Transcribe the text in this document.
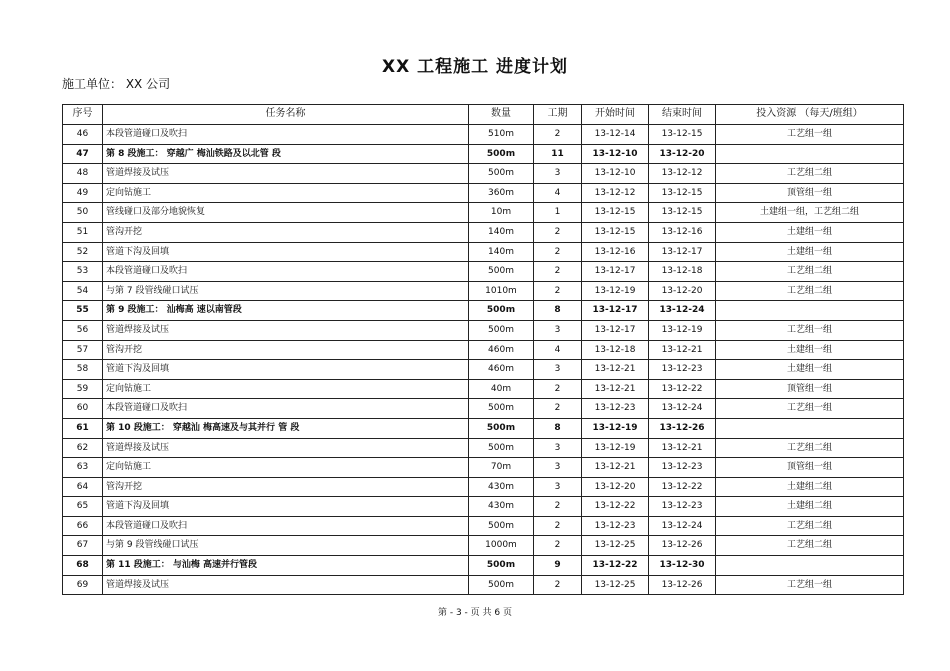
XX 工程施工 进度计划
施工单位： XX 公司
序号	任务名称	数量	工期	开始时间	结束时间	投入资源 （每天/班组）
46	本段管道碰口及吹扫	510m	2	13-12-14	13-12-15	工艺组一组
47	第 8 段施工： 穿越广 梅汕铁路及以北管 段	500m	11	13-12-10	13-12-20	
48	管道焊接及试压	500m	3	13-12-10	13-12-12	工艺组二组
49	定向钻施工	360m	4	13-12-12	13-12-15	顶管组一组
50	管线碰口及部分地貌恢复	10m	1	13-12-15	13-12-15	土建组一组，工艺组二组
51	管沟开挖	140m	2	13-12-15	13-12-16	土建组一组
52	管道下沟及回填	140m	2	13-12-16	13-12-17	土建组一组
53	本段管道碰口及吹扫	500m	2	13-12-17	13-12-18	工艺组二组
54	与第 7 段管线碰口试压	1010m	2	13-12-19	13-12-20	工艺组二组
55	第 9 段施工： 汕梅高 速以南管段	500m	8	13-12-17	13-12-24	
56	管道焊接及试压	500m	3	13-12-17	13-12-19	工艺组一组
57	管沟开挖	460m	4	13-12-18	13-12-21	土建组一组
58	管道下沟及回填	460m	3	13-12-21	13-12-23	土建组一组
59	定向钻施工	40m	2	13-12-21	13-12-22	顶管组一组
60	本段管道碰口及吹扫	500m	2	13-12-23	13-12-24	工艺组一组
61	第 10 段施工： 穿越汕 梅高速及与其并行 管 段	500m	8	13-12-19	13-12-26	
62	管道焊接及试压	500m	3	13-12-19	13-12-21	工艺组二组
63	定向钻施工	70m	3	13-12-21	13-12-23	顶管组一组
64	管沟开挖	430m	3	13-12-20	13-12-22	土建组二组
65	管道下沟及回填	430m	2	13-12-22	13-12-23	土建组二组
66	本段管道碰口及吹扫	500m	2	13-12-23	13-12-24	工艺组二组
67	与第 9 段管线碰口试压	1000m	2	13-12-25	13-12-26	工艺组二组
68	第 11 段施工： 与汕梅 高速并行管段	500m	9	13-12-22	13-12-30	
69	管道焊接及试压	500m	2	13-12-25	13-12-26	工艺组一组
第 - 3 - 页 共 6 页
